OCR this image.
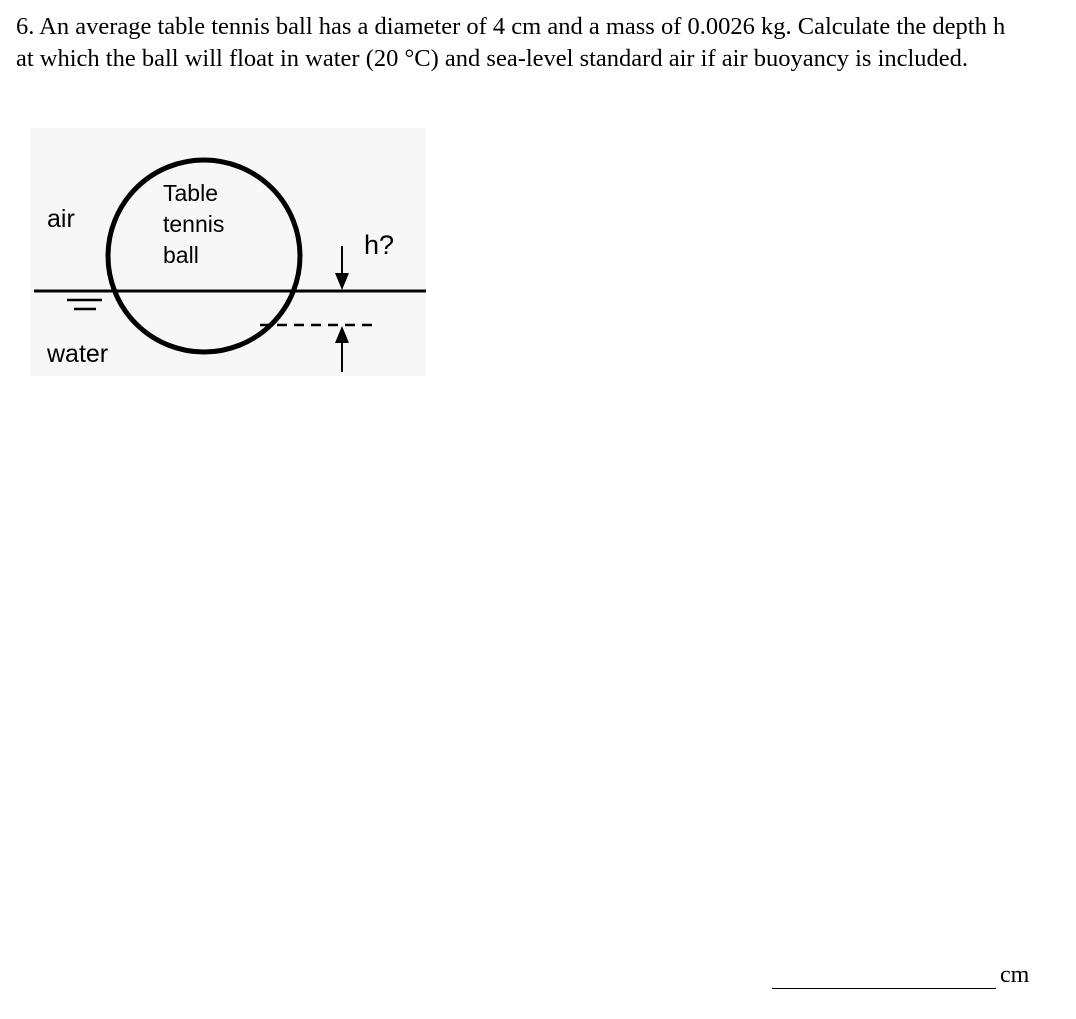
6. An average table tennis ball has a diameter of 4 cm and a mass of 0.0026 kg. Calculate the depth h at which the ball will float in water (20 °C) and sea-level standard air if air buoyancy is included.

air
water
Table
tennis
ball	h?
cm
